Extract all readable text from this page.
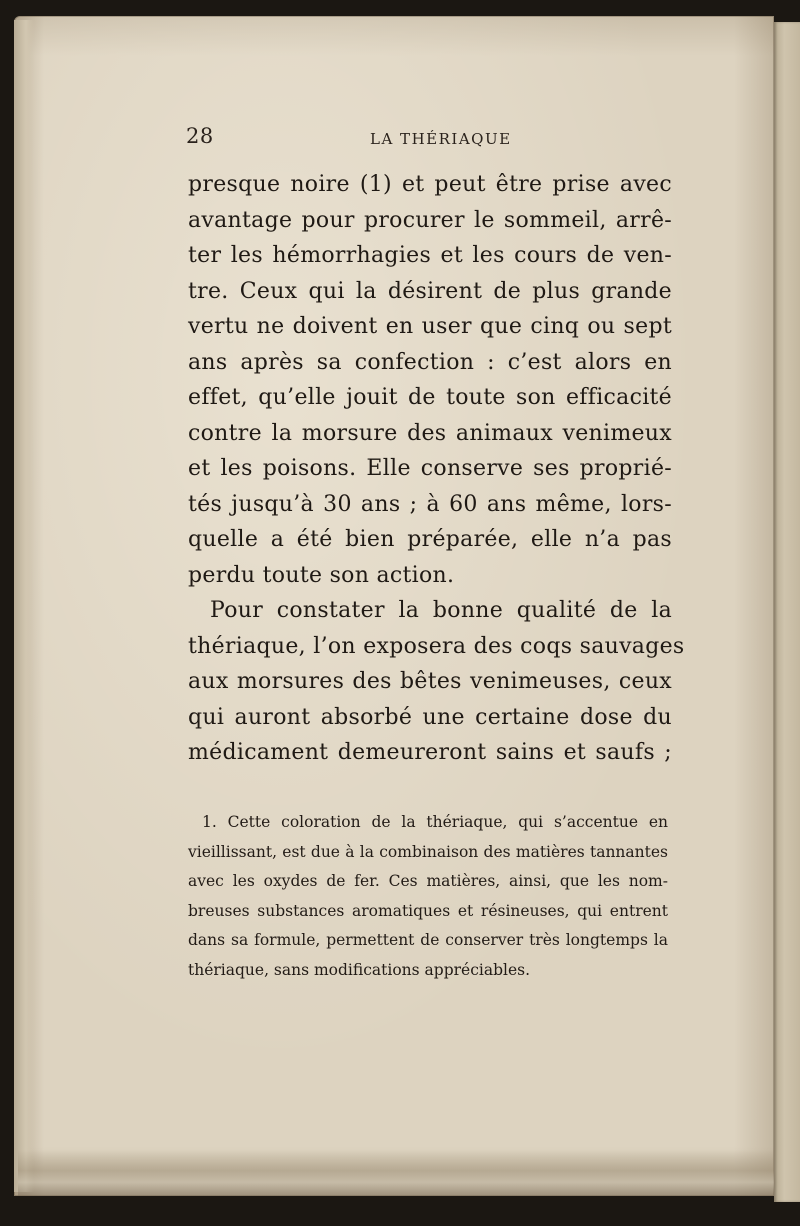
28	LA THÉRIAQUE
presque noire (1) et peut être prise avec
avantage pour procurer le sommeil, arrê-
ter les hémorrhagies et les cours de ven-
tre. Ceux qui la désirent de plus grande
vertu ne doivent en user que cinq ou sept
ans après sa confection : c’est alors en
effet, qu’elle jouit de toute son efficacité
contre la morsure des animaux venimeux
et les poisons. Elle conserve ses proprié-
tés jusqu’à 30 ans ; à 60 ans même, lors-
quelle a été bien préparée, elle n’a pas
perdu toute son action.
Pour constater la bonne qualité de la
thériaque, l’on exposera des coqs sauvages
aux morsures des bêtes venimeuses, ceux
qui auront absorbé une certaine dose du
médicament demeureront sains et saufs ;
1. Cette coloration de la thériaque, qui s’accentue en
vieillissant, est due à la combinaison des matières tannantes
avec les oxydes de fer. Ces matières, ainsi, que les nom-
breuses substances aromatiques et résineuses, qui entrent
dans sa formule, permettent de conserver très longtemps la
thériaque, sans modifications appréciables.
